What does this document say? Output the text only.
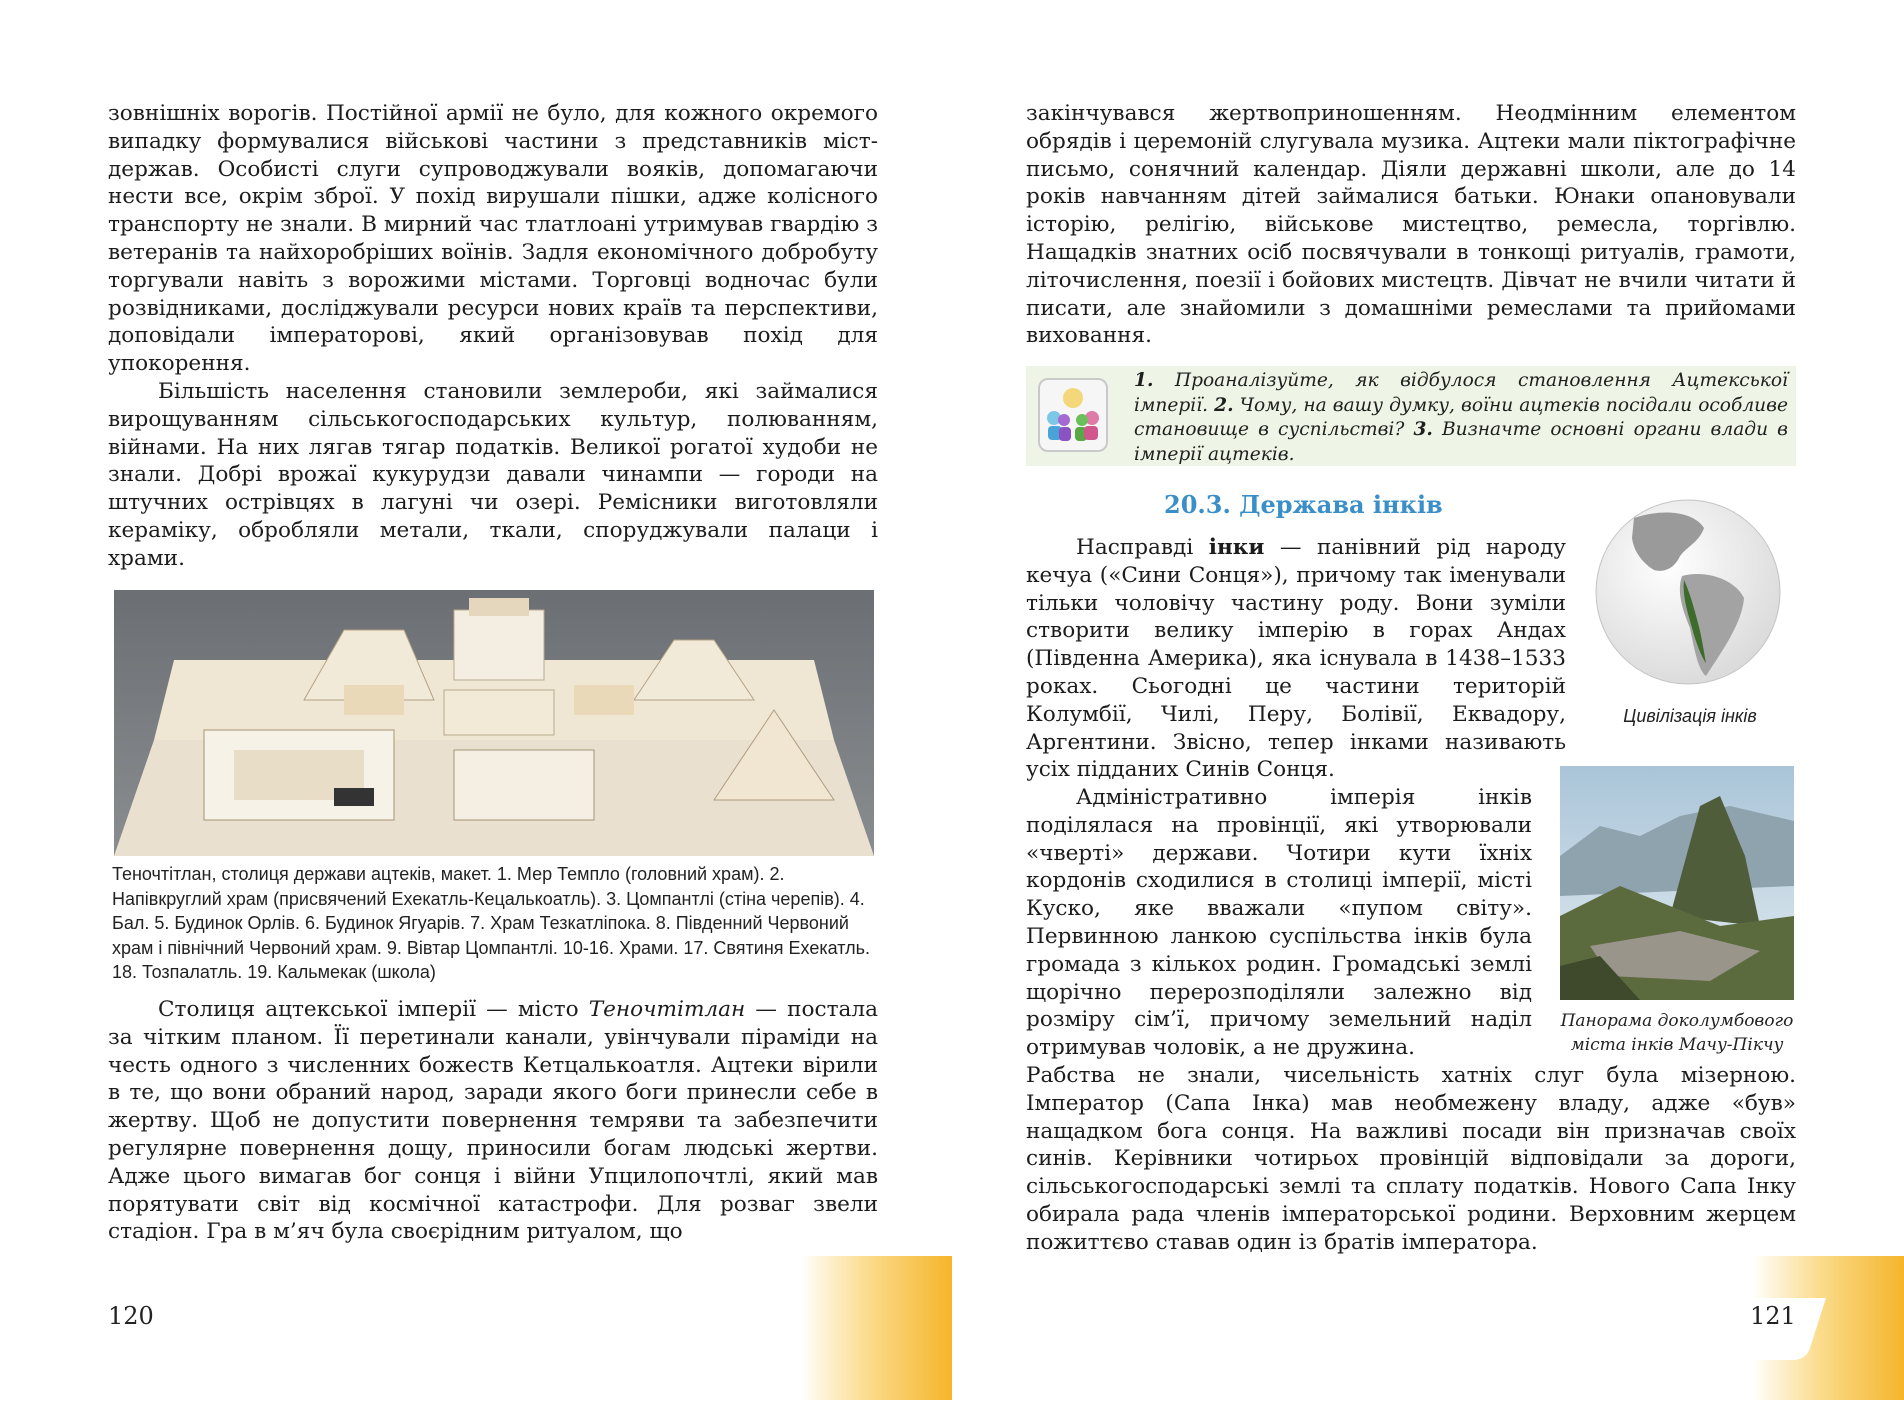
зовнішніх ворогів. Постійної армії не було, для кожного окремого випадку формувалися військові частини з представників міст-держав. Особисті слуги супроводжували вояків, допомагаючи нести все, окрім зброї. У похід вирушали пішки, адже колісного транспорту не знали. В мирний час тлатлоані утримував гвардію з ветеранів та найхоробріших воїнів. Задля економічного добробуту торгували навіть з ворожими містами. Торговці водночас були розвідниками, досліджували ресурси нових країв та перспективи, доповідали імператорові, який організовував похід для упокорення.

Більшість населення становили землероби, які займалися вирощуванням сільськогосподарських культур, полюванням, війнами. На них лягав тягар податків. Великої рогатої худоби не знали. Добрі врожаї кукурудзи давали чинампи — городи на штучних острівцях в лагуні чи озері. Ремісники виготовляли кераміку, обробляли метали, ткали, споруджували палаци і храми.

Теночтітлан, столиця держави ацтеків, макет. 1. Мер Темпло (головний храм). 2. Напівкруглий храм (присвячений Ехекатль-Кецалькоатль). 3. Цомпантлі (стіна черепів). 4. Бал. 5. Будинок Орлів. 6. Будинок Ягуарів. 7. Храм Тезкатліпока. 8. Південний Червоний храм і північний Червоний храм. 9. Вівтар Цомпантлі. 10-16. Храми. 17. Святиня Ехекатль. 18. Тозпалатль. 19. Кальмекак (школа)

Столиця ацтекської імперії — місто Теночтітлан — постала за чітким планом. Її перетинали канали, увінчували піраміди на честь одного з численних божеств Кетцалькоатля. Ацтеки вірили в те, що вони обраний народ, заради якого боги принесли себе в жертву. Щоб не допустити повернення темряви та забезпечити регулярне повернення дощу, приносили богам людські жертви. Адже цього вимагав бог сонця і війни Упцилопочтлі, який мав порятувати світ від космічної катастрофи. Для розваг звели стадіон. Гра в м’яч була своєрідним ритуалом, що

закінчувався жертвоприношенням. Неодмінним елементом обрядів і церемоній слугувала музика. Ацтеки мали піктографічне письмо, сонячний календар. Діяли державні школи, але до 14 років навчанням дітей займалися батьки. Юнаки опановували історію, релігію, військове мистецтво, ремесла, торгівлю. Нащадків знатних осіб посвячували в тонкощі ритуалів, грамоти, літочислення, поезії і бойових мистецтв. Дівчат не вчили читати й писати, але знайомили з домашніми ремеслами та прийомами виховання.

1. Проаналізуйте, як відбулося становлення Ацтекської імперії. 2. Чому, на вашу думку, воїни ацтеків посідали особливе становище в суспільстві? 3. Визначте основні органи влади в імперії ацтеків.
20.3. Держава інків

Насправді інки — панівний рід народу кечуа («Сини Сонця»), причому так іменували тільки чоловічу частину роду. Вони зуміли створити велику імперію в горах Андах (Південна Америка), яка існувала в 1438–1533 роках. Сьогодні це частини територій Колумбії, Чилі, Перу, Болівії, Еквадору, Аргентини. Звісно, тепер інками називають усіх підданих Синів Сонця.

Цивілізація інків

Адміністративно імперія інків поділялася на провінції, які утворювали «чверті» держави. Чотири кути їхніх кордонів сходилися в столиці імперії, місті Куско, яке вважали «пупом світу». Первинною ланкою суспільства інків була громада з кількох родин. Громадські землі щорічно перерозподіляли залежно від розміру сім’ї, причому земельний наділ отримував чоловік, а не дружина.

Панорама доколумбового міста інків Мачу-Пікчу

Рабства не знали, чисельність хатніх слуг була мізерною. Імператор (Сапа Інка) мав необмежену владу, адже «був» нащадком бога сонця. На важливі посади він призначав своїх синів. Керівники чотирьох провінцій відповідали за дороги, сільськогосподарські землі та сплату податків. Нового Сапа Інку обирала рада членів імператорської родини. Верховним жерцем пожиттєво ставав один із братів імператора.

120	121
